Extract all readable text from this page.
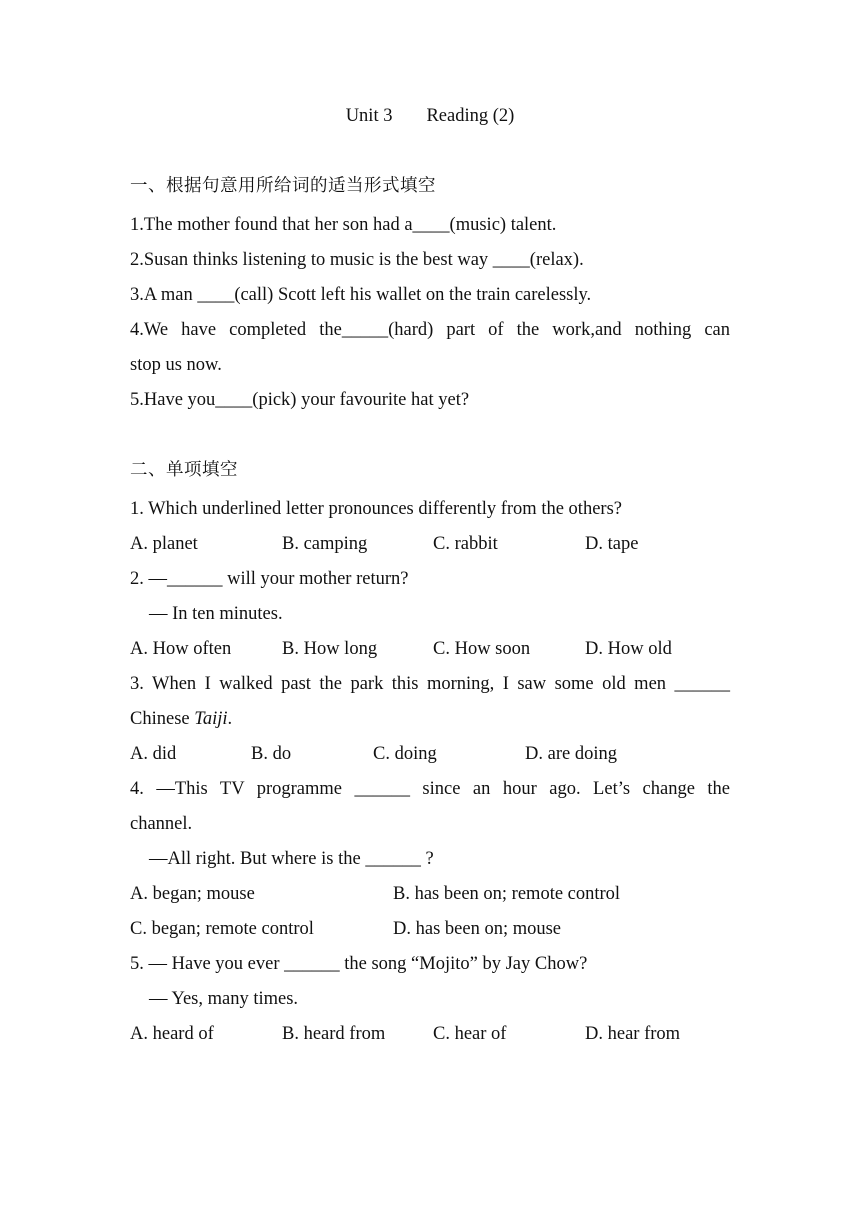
Unit 3 Reading (2)
一、根据句意用所给词的适当形式填空
1.The mother found that her son had a____(music) talent.
2.Susan thinks listening to music is the best way ____(relax).
3.A man ____(call) Scott left his wallet on the train carelessly.
4.We have completed the_____(hard) part of the work,and nothing can
stop us now.
5.Have you____(pick) your favourite hat yet?
二、单项填空
1. Which underlined letter pronounces differently from the others?
A. planet	B. camping	C. rabbit	D. tape
2. —______ will your mother return?
— In ten minutes.
A. How often	B. How long	C. How soon	D. How old
3. When I walked past the park this morning, I saw some old men ______
Chinese Taiji.
A. did	B. do	C. doing	D. are doing
4. —This TV programme ______ since an hour ago. Let’s change the
channel.
—All right. But where is the ______ ?
A. began; mouse	B. has been on; remote control
C. began; remote control	D. has been on; mouse
5. — Have you ever ______ the song “Mojito” by Jay Chow?
— Yes, many times.
A. heard of	B. heard from	C. hear of	D. hear from
